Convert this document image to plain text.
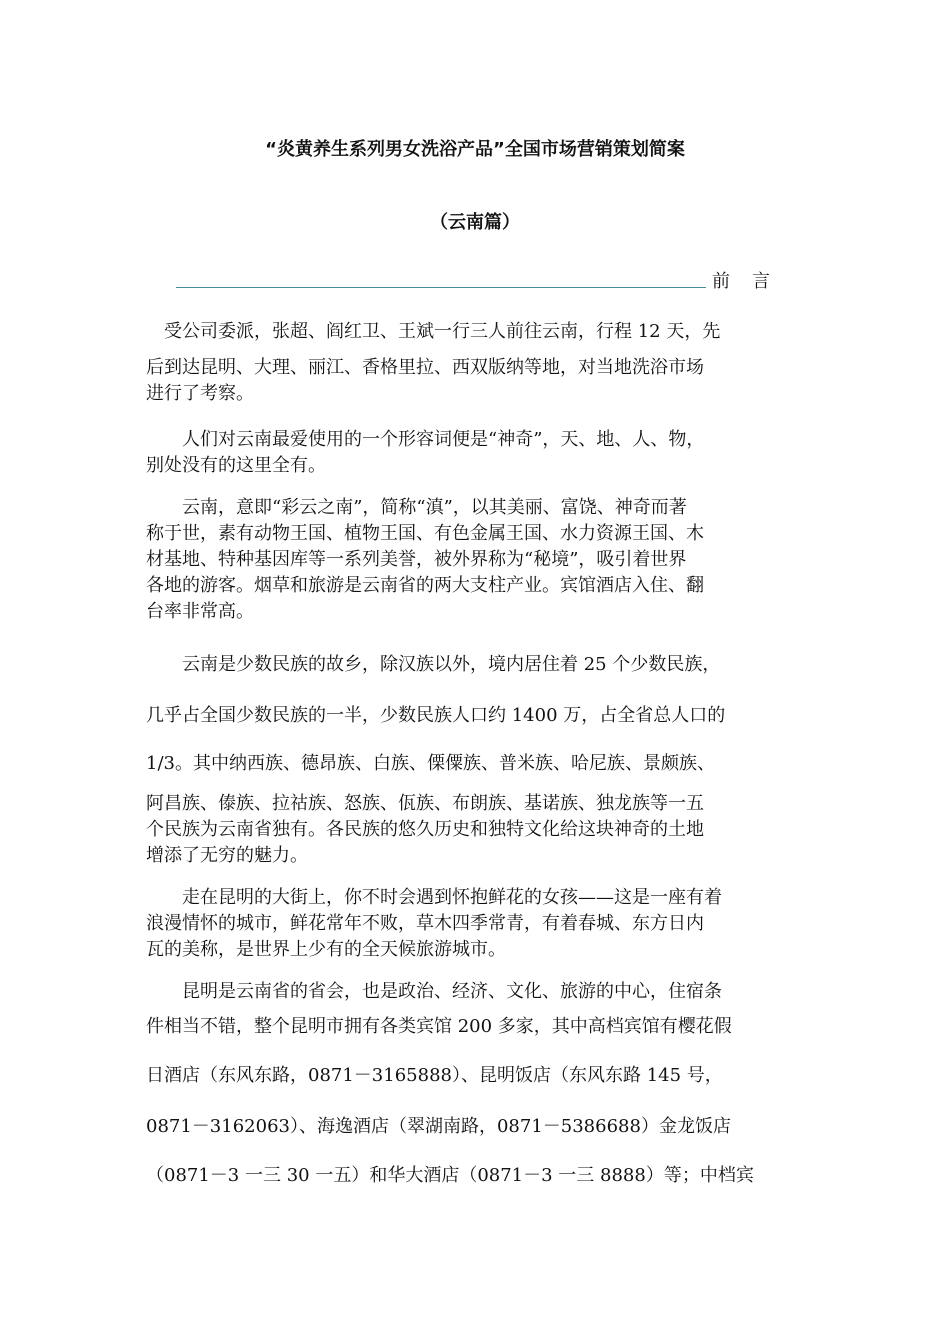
“炎黄养生系列男女洗浴产品”全国市场营销策划简案
（云南篇）
前言
　受公司委派，张超、阎红卫、王斌一行三人前往云南，行程 12 天，先
后到达昆明、大理、丽江、香格里拉、西双版纳等地，对当地洗浴市场
进行了考察。
　　人们对云南最爱使用的一个形容词便是“神奇”，天、地、人、物，
别处没有的这里全有。
　　云南，意即“彩云之南”，简称“滇”，以其美丽、富饶、神奇而著
称于世，素有动物王国、植物王国、有色金属王国、水力资源王国、木
材基地、特种基因库等一系列美誉，被外界称为“秘境”，吸引着世界
各地的游客。烟草和旅游是云南省的两大支柱产业。宾馆酒店入住、翻
台率非常高。
　　云南是少数民族的故乡，除汉族以外，境内居住着 25 个少数民族，
几乎占全国少数民族的一半，少数民族人口约 1400 万，占全省总人口的
1/3。其中纳西族、德昂族、白族、傈僳族、普米族、哈尼族、景颇族、
阿昌族、傣族、拉祜族、怒族、佤族、布朗族、基诺族、独龙族等一五
个民族为云南省独有。各民族的悠久历史和独特文化给这块神奇的土地
增添了无穷的魅力。
　　走在昆明的大街上，你不时会遇到怀抱鲜花的女孩——这是一座有着
浪漫情怀的城市，鲜花常年不败，草木四季常青，有着春城、东方日内
瓦的美称，是世界上少有的全天候旅游城市。
　　昆明是云南省的省会，也是政治、经济、文化、旅游的中心，住宿条
件相当不错，整个昆明市拥有各类宾馆 200 多家，其中高档宾馆有樱花假
日酒店（东风东路，0871－3165888）、昆明饭店（东风东路 145 号，
0871－3162063）、海逸酒店（翠湖南路，0871－5386688）金龙饭店
（0871－3 一三 30 一五）和华大酒店（0871－3 一三 8888）等；中档宾
